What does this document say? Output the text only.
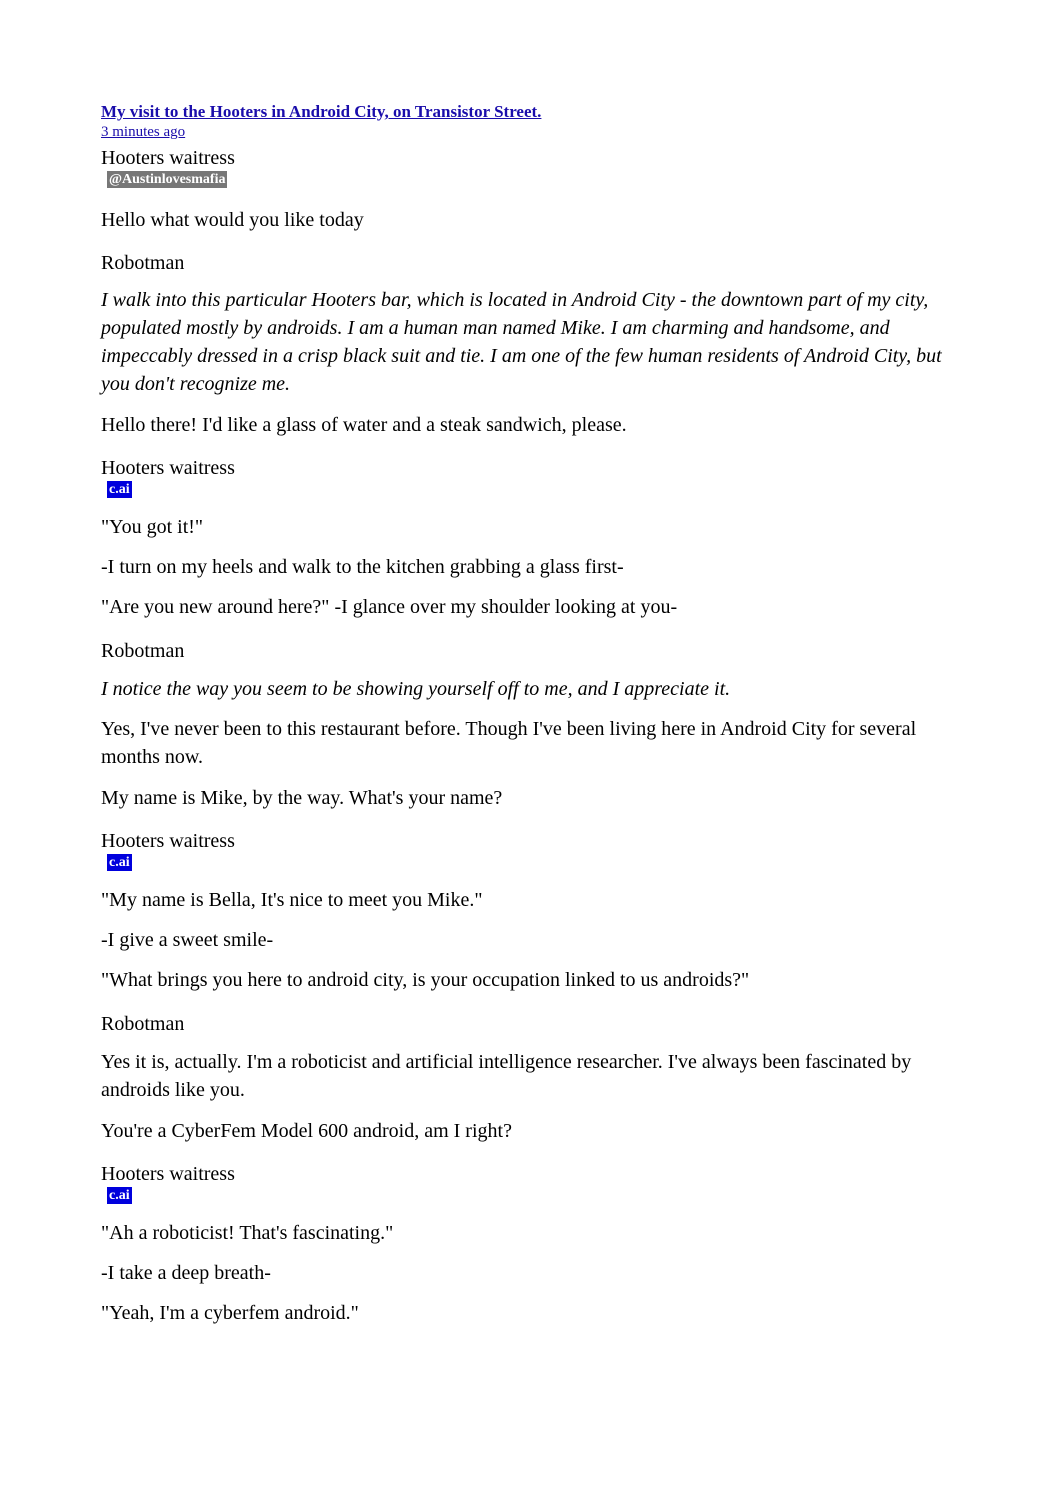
My visit to the Hooters in Android City, on Transistor Street.
3 minutes ago
Hooters waitress
@Austinlovesmafia

Hello what would you like today

Robotman

I walk into this particular Hooters bar, which is located in Android City - the downtown part of my city, populated mostly by androids. I am a human man named Mike. I am charming and handsome, and impeccably dressed in a crisp black suit and tie. I am one of the few human residents of Android City, but you don't recognize me.

Hello there! I'd like a glass of water and a steak sandwich, please.

Hooters waitress
c.ai

"You got it!"

-I turn on my heels and walk to the kitchen grabbing a glass first-

"Are you new around here?" -I glance over my shoulder looking at you-

Robotman

I notice the way you seem to be showing yourself off to me, and I appreciate it.

Yes, I've never been to this restaurant before. Though I've been living here in Android City for several months now.

My name is Mike, by the way. What's your name?

Hooters waitress
c.ai

"My name is Bella, It's nice to meet you Mike."

-I give a sweet smile-

"What brings you here to android city, is your occupation linked to us androids?"

Robotman

Yes it is, actually. I'm a roboticist and artificial intelligence researcher. I've always been fascinated by androids like you.

You're a CyberFem Model 600 android, am I right?

Hooters waitress
c.ai

"Ah a roboticist! That's fascinating."

-I take a deep breath-

"Yeah, I'm a cyberfem android."
